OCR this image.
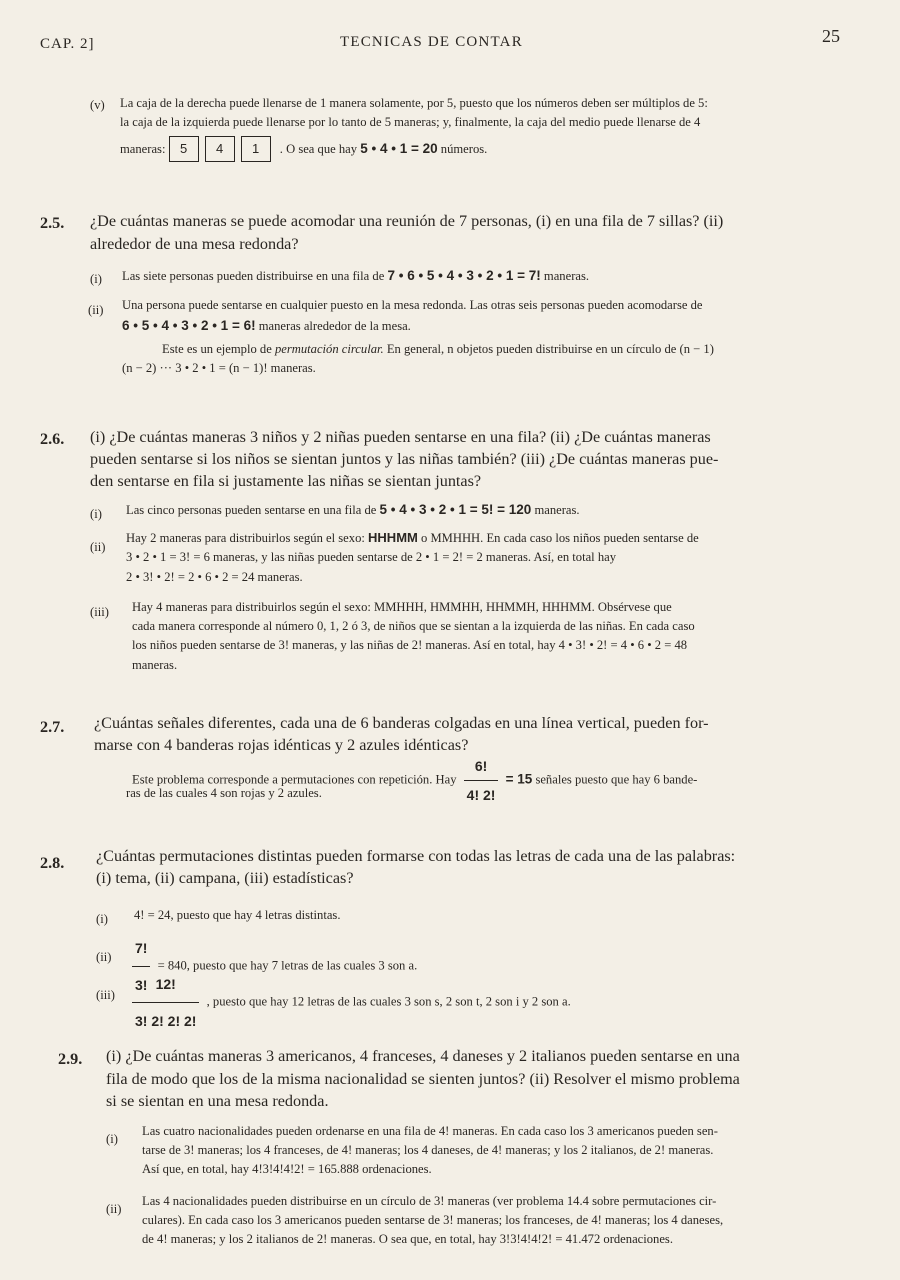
CAP. 2]	TECNICAS DE CONTAR	25
(v) La caja de la derecha puede llenarse de 1 manera solamente, por 5, puesto que los números deben ser múltiplos de 5:
la caja de la izquierda puede llenarse por lo tanto de 5 maneras; y, finalmente, la caja del medio puede llenarse de 4
maneras: 5 4 1 . O sea que hay 5 • 4 • 1 = 20 números.
2.5. ¿De cuántas maneras se puede acomodar una reunión de 7 personas, (i) en una fila de 7 sillas? (ii)
alrededor de una mesa redonda?
(i) Las siete personas pueden distribuirse en una fila de 7 • 6 • 5 • 4 • 3 • 2 • 1 = 7! maneras.
(ii) Una persona puede sentarse en cualquier puesto en la mesa redonda. Las otras seis personas pueden acomodarse de
6 • 5 • 4 • 3 • 2 • 1 = 6! maneras alrededor de la mesa.
Este es un ejemplo de permutación circular. En general, n objetos pueden distribuirse en un círculo de (n − 1)
(n − 2) ··· 3 • 2 • 1 = (n − 1)! maneras.
2.6. (i) ¿De cuántas maneras 3 niños y 2 niñas pueden sentarse en una fila? (ii) ¿De cuántas maneras
pueden sentarse si los niños se sientan juntos y las niñas también? (iii) ¿De cuántas maneras pue-
den sentarse en fila si justamente las niñas se sientan juntas?
(i) Las cinco personas pueden sentarse en una fila de 5 • 4 • 3 • 2 • 1 = 5! = 120 maneras.
(ii)
Hay 2 maneras para distribuirlos según el sexo: HHHMM o MMHHH. En cada caso los niños pueden sentarse de
3 • 2 • 1 = 3! = 6 maneras, y las niñas pueden sentarse de 2 • 1 = 2! = 2 maneras. Así, en total hay
2 • 3! • 2! = 2 • 6 • 2 = 24 maneras.
(iii) Hay 4 maneras para distribuirlos según el sexo: MMHHH, HMMHH, HHMMH, HHHMM. Obsérvese que
cada manera corresponde al número 0, 1, 2 ó 3, de niños que se sientan a la izquierda de las niñas. En cada caso
los niños pueden sentarse de 3! maneras, y las niñas de 2! maneras. Así en total, hay 4 • 3! • 2! = 4 • 6 • 2 = 48
maneras.
2.7. ¿Cuántas señales diferentes, cada una de 6 banderas colgadas en una línea vertical, pueden for-
marse con 4 banderas rojas idénticas y 2 azules idénticas?
Este problema corresponde a permutaciones con repetición. Hay $\frac{6!}{4! 2!} = 15$ señales puesto que hay 6 bande-
ras de las cuales 4 son rojas y 2 azules.
2.8. ¿Cuántas permutaciones distintas pueden formarse con todas las letras de cada una de las palabras:
(i) tema, (ii) campana, (iii) estadísticas?
(i) 4! = 24, puesto que hay 4 letras distintas.
$(ii) \frac{7!}{3!} = 840$, puesto que hay 7 letras de las cuales 3 son a.
$(iii) \frac{12!}{3! 2! 2! 2!}$ , puesto que hay 12 letras de las cuales 3 son s, 2 son t, 2 son i y 2 son a.
2.9. (i) ¿De cuántas maneras 3 americanos, 4 franceses, 4 daneses y 2 italianos pueden sentarse en una
fila de modo que los de la misma nacionalidad se sienten juntos? (ii) Resolver el mismo problema
si se sientan en una mesa redonda.
(i)
Las cuatro nacionalidades pueden ordenarse en una fila de 4! maneras. En cada caso los 3 americanos pueden sen-
tarse de 3! maneras; los 4 franceses, de 4! maneras; los 4 daneses, de 4! maneras; y los 2 italianos, de 2! maneras.
Así que, en total, hay 4!3!4!4!2! = 165.888 ordenaciones.
(ii)
Las 4 nacionalidades pueden distribuirse en un círculo de 3! maneras (ver problema 14.4 sobre permutaciones cir-
culares). En cada caso los 3 americanos pueden sentarse de 3! maneras; los franceses, de 4! maneras; los 4 daneses,
de 4! maneras; y los 2 italianos de 2! maneras. O sea que, en total, hay 3!3!4!4!2! = 41.472 ordenaciones.
